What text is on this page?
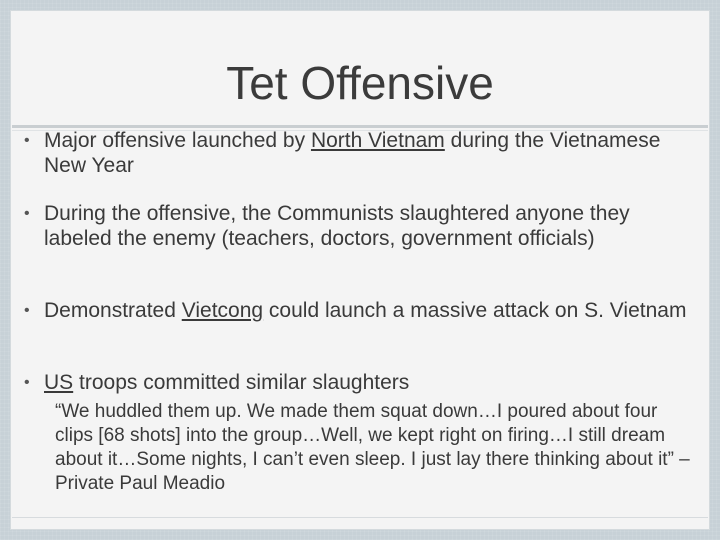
Tet Offensive
• Major offensive launched by North Vietnam during the Vietnamese New Year

• During the offensive, the Communists slaughtered anyone they labeled the enemy (teachers, doctors, government officials)

• Demonstrated Vietcong could launch a massive attack on S. Vietnam

• US troops committed similar slaughters

“We huddled them up. We made them squat down…I poured about four clips [68 shots] into the group…Well, we kept right on firing…I still dream about it…Some nights, I can’t even sleep. I just lay there thinking about it” – Private Paul Meadio
